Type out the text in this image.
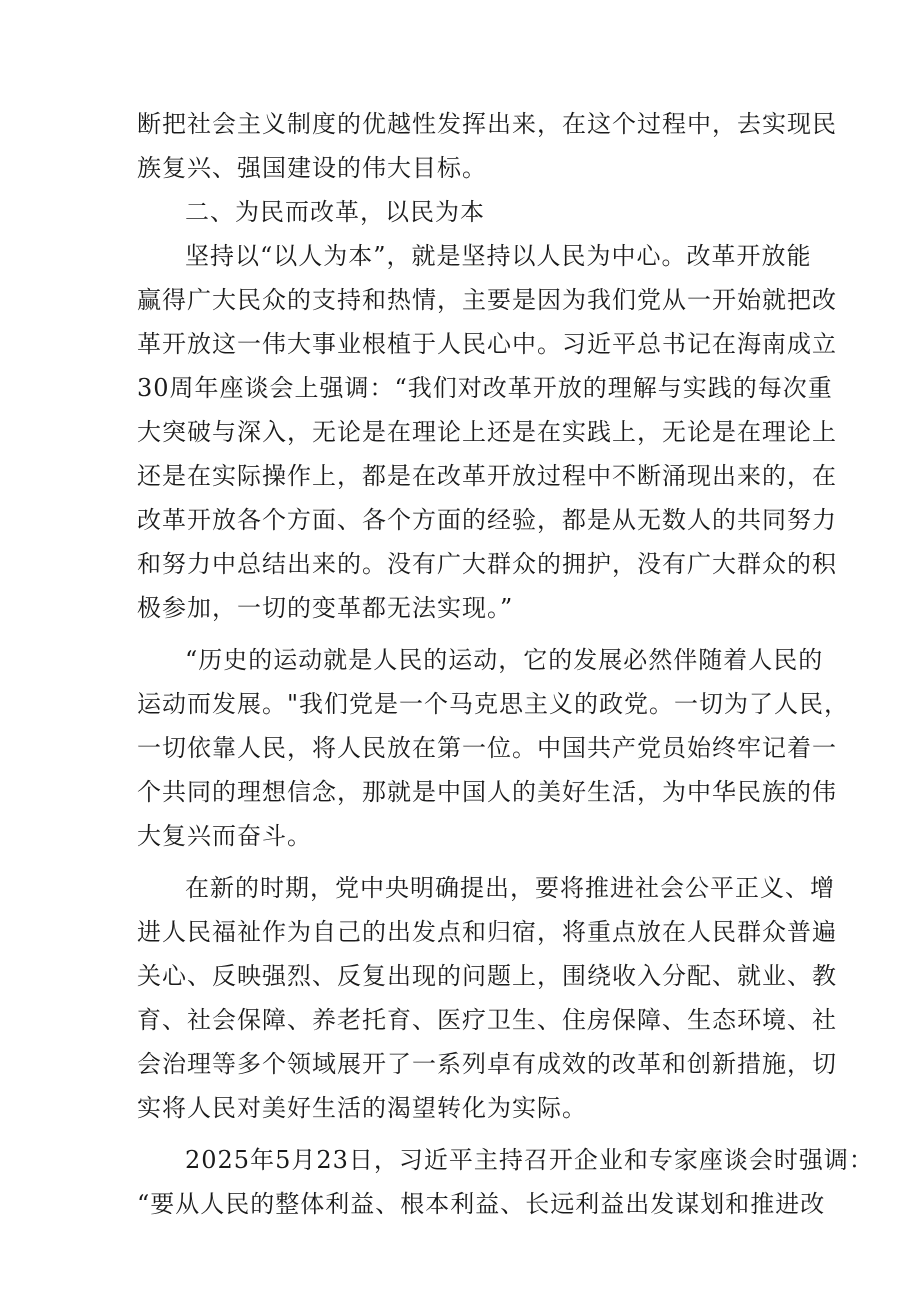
断把社会主义制度的优越性发挥出来，在这个过程中，去实现民
族复兴、强国建设的伟大目标。
二、为民而改革，以民为本
坚持以“以人为本”，就是坚持以人民为中心。改革开放能
赢得广大民众的支持和热情，主要是因为我们党从一开始就把改
革开放这一伟大事业根植于人民心中。习近平总书记在海南成立
30周年座谈会上强调：“我们对改革开放的理解与实践的每次重
大突破与深入，无论是在理论上还是在实践上，无论是在理论上
还是在实际操作上，都是在改革开放过程中不断涌现出来的，在
改革开放各个方面、各个方面的经验，都是从无数人的共同努力
和努力中总结出来的。没有广大群众的拥护，没有广大群众的积
极参加，一切的变革都无法实现。”
“历史的运动就是人民的运动，它的发展必然伴随着人民的
运动而发展。"我们党是一个马克思主义的政党。一切为了人民，
一切依靠人民，将人民放在第一位。中国共产党员始终牢记着一
个共同的理想信念，那就是中国人的美好生活，为中华民族的伟
大复兴而奋斗。
在新的时期，党中央明确提出，要将推进社会公平正义、增
进人民福祉作为自己的出发点和归宿，将重点放在人民群众普遍
关心、反映强烈、反复出现的问题上，围绕收入分配、就业、教
育、社会保障、养老托育、医疗卫生、住房保障、生态环境、社
会治理等多个领域展开了一系列卓有成效的改革和创新措施，切
实将人民对美好生活的渴望转化为实际。
2025年5月23日，习近平主持召开企业和专家座谈会时强调：
“要从人民的整体利益、根本利益、长远利益出发谋划和推进改
